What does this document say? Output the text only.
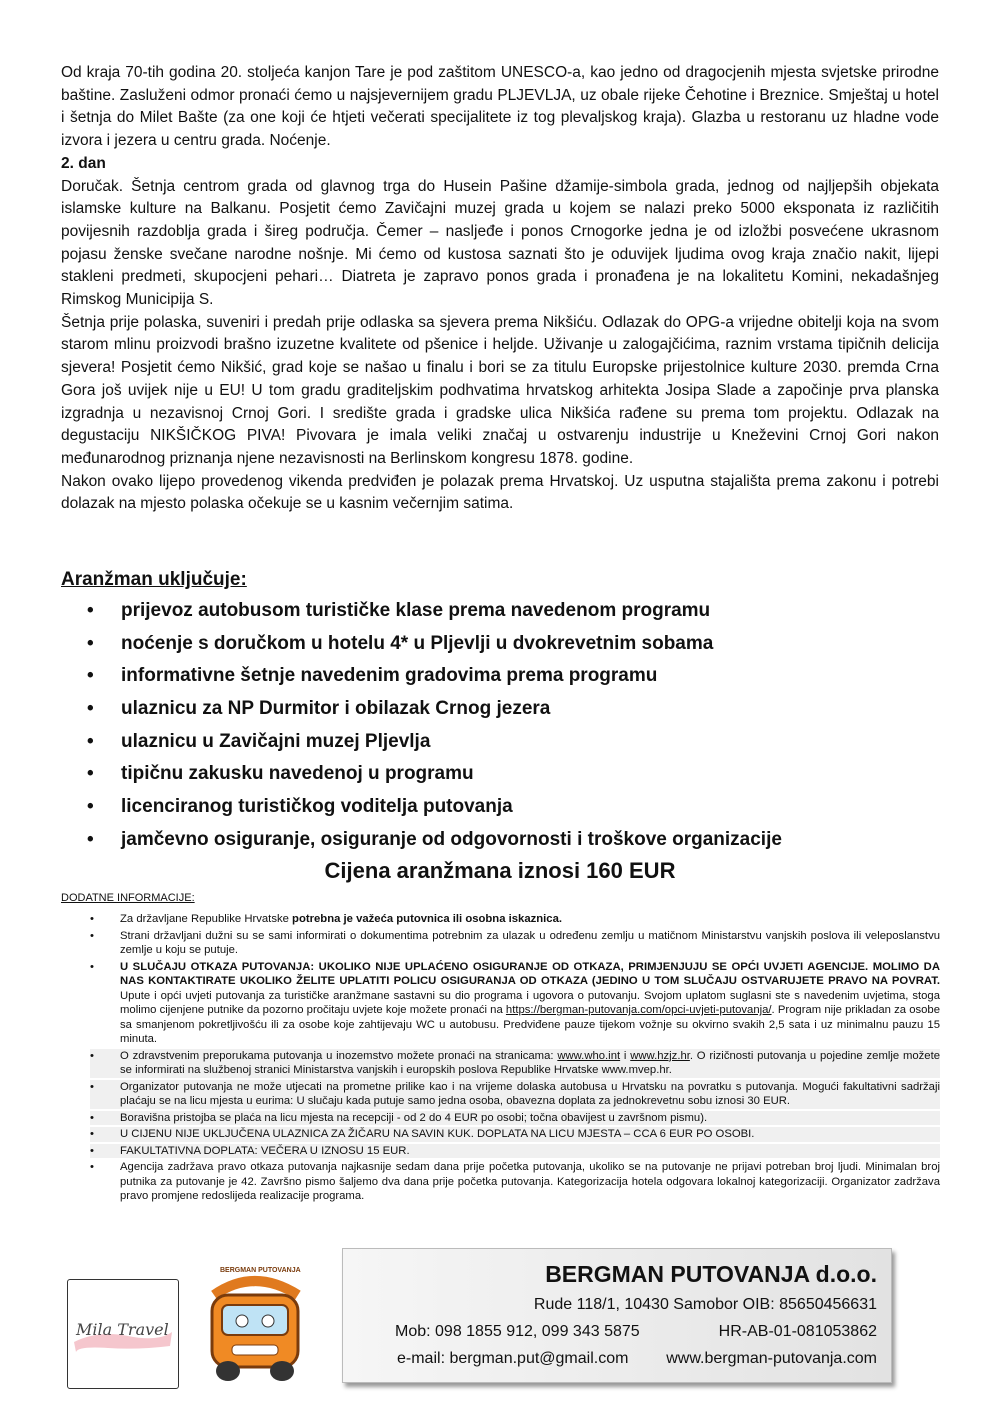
Od kraja 70-tih godina 20. stoljeća kanjon Tare je pod zaštitom UNESCO-a, kao jedno od dragocjenih mjesta svjetske prirodne baštine. Zasluženi odmor pronaći ćemo u najsjevernijem gradu PLJEVLJA, uz obale rijeke Čehotine i Breznice. Smještaj u hotel i šetnja do Milet Bašte (za one koji će htjeti večerati specijalitete iz tog plevaljskog kraja). Glazba u restoranu uz hladne vode izvora i jezera u centru grada. Noćenje.

2. dan

Doručak. Šetnja centrom grada od glavnog trga do Husein Pašine džamije-simbola grada, jednog od najljepših objekata islamske kulture na Balkanu. Posjetit ćemo Zavičajni muzej grada u kojem se nalazi preko 5000 eksponata iz različitih povijesnih razdoblja grada i šireg područja. Čemer – nasljeđe i ponos Crnogorke jedna je od izložbi posvećene ukrasnom pojasu ženske svečane narodne nošnje. Mi ćemo od kustosa saznati što je oduvijek ljudima ovog kraja značio nakit, lijepi stakleni predmeti, skupocjeni pehari… Diatreta je zapravo ponos grada i pronađena je na lokalitetu Komini, nekadašnjeg Rimskog Municipija S.

Šetnja prije polaska, suveniri i predah prije odlaska sa sjevera prema Nikšiću. Odlazak do OPG-a vrijedne obitelji koja na svom starom mlinu proizvodi brašno izuzetne kvalitete od pšenice i heljde. Uživanje u zalogajčićima, raznim vrstama tipičnih delicija sjevera! Posjetit ćemo Nikšić, grad koje se našao u finalu i bori se za titulu Europske prijestolnice kulture 2030. premda Crna Gora još uvijek nije u EU! U tom gradu graditeljskim podhvatima hrvatskog arhitekta Josipa Slade a započinje prva planska izgradnja u nezavisnoj Crnoj Gori. I središte grada i gradske ulica Nikšića rađene su prema tom projektu. Odlazak na degustaciju NIKŠIČKOG PIVA! Pivovara je imala veliki značaj u ostvarenju industrije u Kneževini Crnoj Gori nakon međunarodnog priznanja njene nezavisnosti na Berlinskom kongresu 1878. godine.

Nakon ovako lijepo provedenog vikenda predviđen je polazak prema Hrvatskoj. Uz usputna stajališta prema zakonu i potrebi dolazak na mjesto polaska očekuje se u kasnim večernjim satima.

Aranžman uključuje:
• prijevoz autobusom turističke klase prema navedenom programu
• noćenje s doručkom u hotelu 4* u Pljevlji u dvokrevetnim sobama
• informativne šetnje navedenim gradovima prema programu
• ulaznicu za NP Durmitor i obilazak Crnog jezera
• ulaznicu u Zavičajni muzej Pljevlja
• tipičnu zakusku navedenoj u programu
• licenciranog turističkog voditelja putovanja
• jamčevno osiguranje, osiguranje od odgovornosti i troškove organizacije
Cijena aranžmana iznosi 160 EUR
DODATNE INFORMACIJE:
• Za državljane Republike Hrvatske potrebna je važeća putovnica ili osobna iskaznica.
• Strani državljani dužni su se sami informirati o dokumentima potrebnim za ulazak u određenu zemlju u matičnom Ministarstvu vanjskih poslova ili veleposlanstvu zemlje u koju se putuje.
• U SLUČAJU OTKAZA PUTOVANJA: UKOLIKO NIJE UPLAĆENO OSIGURANJE OD OTKAZA, PRIMJENJUJU SE OPĆI UVJETI AGENCIJE. MOLIMO DA NAS KONTAKTIRATE UKOLIKO ŽELITE UPLATITI POLICU OSIGURANJA OD OTKAZA (JEDINO U TOM SLUČAJU OSTVARUJETE PRAVO NA POVRAT. Upute i opći uvjeti putovanja za turističke aranžmane sastavni su dio programa i ugovora o putovanju. Svojom uplatom suglasni ste s navedenim uvjetima, stoga molimo cijenjene putnike da pozorno pročitaju uvjete koje možete pronaći na https://bergman-putovanja.com/opci-uvjeti-putovanja/. Program nije prikladan za osobe sa smanjenom pokretljivošću ili za osobe koje zahtijevaju WC u autobusu. Predviđene pauze tijekom vožnje su okvirno svakih 2,5 sata i uz minimalnu pauzu 15 minuta.
• O zdravstvenim preporukama putovanja u inozemstvo možete pronaći na stranicama: www.who.int i www.hzjz.hr. O rizičnosti putovanja u pojedine zemlje možete se informirati na službenoj stranici Ministarstva vanjskih i europskih poslova Republike Hrvatske www.mvep.hr.
• Organizator putovanja ne može utjecati na prometne prilike kao i na vrijeme dolaska autobusa u Hrvatsku na povratku s putovanja. Mogući fakultativni sadržaji plaćaju se na licu mjesta u eurima: U slučaju kada putuje samo jedna osoba, obavezna doplata za jednokrevetnu sobu iznosi 30 EUR.
• Boravišna pristojba se plaća na licu mjesta na recepciji - od 2 do 4 EUR po osobi; točna obavijest u završnom pismu).
• U CIJENU NIJE UKLJUČENA ULAZNICA ZA ŽIČARU NA SAVIN KUK. DOPLATA NA LICU MJESTA – CCA 6 EUR PO OSOBI.
• FAKULTATIVNA DOPLATA: VEČERA U IZNOSU 15 EUR.
• Agencija zadržava pravo otkaza putovanja najkasnije sedam dana prije početka putovanja, ukoliko se na putovanje ne prijavi potreban broj ljudi. Minimalan broj putnika za putovanje je 42. Završno pismo šaljemo dva dana prije početka putovanja. Kategorizacija hotela odgovara lokalnoj kategorizaciji. Organizator zadržava pravo promjene redoslijeda realizacije programa.
Mila Travel
BERGMAN PUTOVANJA	BERGMAN PUTOVANJA d.o.o.
Rude 118/1, 10430 Samobor OIB: 85650456631
Mob: 098 1855 912, 099 343 5875	HR-AB-01-081053862
e-mail: bergman.put@gmail.com www.bergman-putovanja.com
